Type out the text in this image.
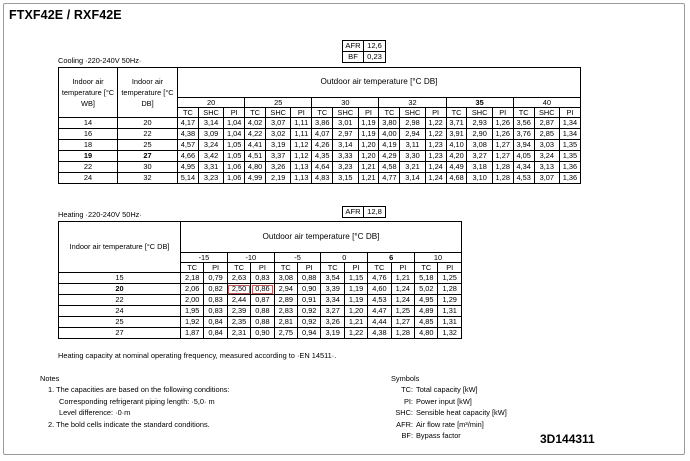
FTXF42E / RXF42E
AFR	12,6
BF	0,23
Cooling ·220-240V 50Hz·
Indoor air temperature [°C WB]	Indoor air temperature [°C DB]	Outdoor air temperature [°C DB]																	
		20			25			30			32			35			40		
		TC	SHC	PI	TC	SHC	PI	TC	SHC	PI	TC	SHC	PI	TC	SHC	PI	TC	SHC	PI
14	20	4,17	3,14	1,04	4,02	3,07	1,11	3,86	3,01	1,19	3,80	2,98	1,22	3,71	2,93	1,26	3,56	2,87	1,34
16	22	4,38	3,09	1,04	4,22	3,02	1,11	4,07	2,97	1,19	4,00	2,94	1,22	3,91	2,90	1,26	3,76	2,85	1,34
18	25	4,57	3,24	1,05	4,41	3,19	1,12	4,26	3,14	1,20	4,19	3,11	1,23	4,10	3,08	1,27	3,94	3,03	1,35
19	27	4,66	3,42	1,05	4,51	3,37	1,12	4,35	3,33	1,20	4,29	3,30	1,23	4,20	3,27	1,27	4,05	3,24	1,35
22	30	4,95	3,31	1,06	4,80	3,26	1,13	4,64	3,23	1,21	4,58	3,21	1,24	4,49	3,18	1,28	4,34	3,13	1,36
24	32	5,14	3,23	1,06	4,99	2,19	1,13	4,83	3,15	1,21	4,77	3,14	1,24	4,68	3,10	1,28	4,53	3,07	1,36
AFR	12,8
Heating ·220-240V 50Hz·
Indoor air temperature [°C DB]	Outdoor air temperature [°C DB]											
	-15		-10		-5		0		6		10	
	TC	PI	TC	PI	TC	PI	TC	PI	TC	PI	TC	PI
15	2,18	0,79	2,63	0,83	3,08	0,88	3,54	1,15	4,76	1,21	5,18	1,25
20	2,06	0,82	2,50	0,86	2,94	0,90	3,39	1,19	4,60	1,24	5,02	1,28
22	2,00	0,83	2,44	0,87	2,89	0,91	3,34	1,19	4,53	1,24	4,95	1,29
24	1,95	0,83	2,39	0,88	2,83	0,92	3,27	1,20	4,47	1,25	4,89	1,31
25	1,92	0,84	2,35	0,88	2,81	0,92	3,26	1,21	4,44	1,27	4,85	1,31
27	1,87	0,84	2,31	0,90	2,75	0,94	3,19	1,22	4,38	1,28	4,80	1,32
Heating capacity at nominal operating frequency, measured according to ·EN 14511·.
Notes
1. The capacities are based on the following conditions:
Corresponding refrigerant piping length: ·5,0· m
Level difference: ·0·m
2. The bold cells indicate the standard conditions.
Symbols
TC: Total capacity [kW]
PI: Power input [kW]
SHC: Sensible heat capacity [kW]
AFR: Air flow rate [m³/min]
BF: Bypass factor	3D144311
